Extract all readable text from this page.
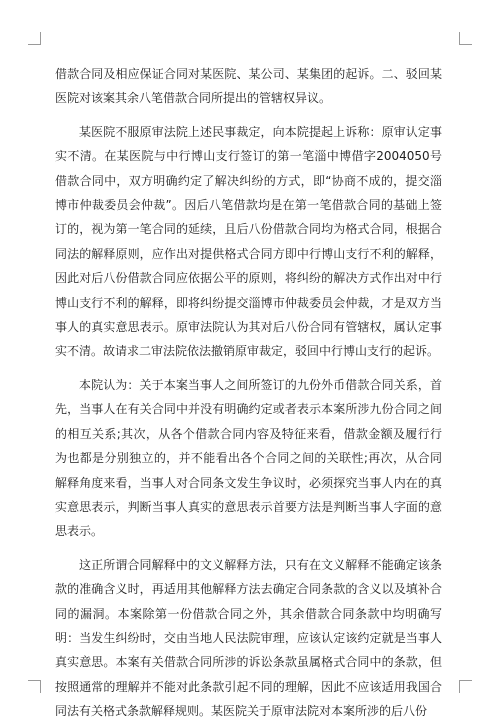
借款合同及相应保证合同对某医院、某公司、某集团的起诉。二、驳回某医院对该案其余八笔借款合同所提出的管辖权异议。

某医院不服原审法院上述民事裁定，向本院提起上诉称：原审认定事实不清。在某医院与中行博山支行签订的第一笔淄中博借字2004050号借款合同中，双方明确约定了解决纠纷的方式，即“协商不成的，提交淄博市仲裁委员会仲裁”。因后八笔借款均是在第一笔借款合同的基础上签订的，视为第一笔合同的延续，且后八份借款合同均为格式合同，根据合同法的解释原则，应作出对提供格式合同方即中行博山支行不利的解释，因此对后八份借款合同应依据公平的原则，将纠纷的解决方式作出对中行博山支行不利的解释，即将纠纷提交淄博市仲裁委员会仲裁，才是双方当事人的真实意思表示。原审法院认为其对后八份合同有管辖权，属认定事实不清。故请求二审法院依法撤销原审裁定，驳回中行博山支行的起诉。

本院认为：关于本案当事人之间所签订的九份外币借款合同关系，首先，当事人在有关合同中并没有明确约定或者表示本案所涉九份合同之间的相互关系;其次，从各个借款合同内容及特征来看，借款金额及履行行为也都是分别独立的，并不能看出各个合同之间的关联性;再次，从合同解释角度来看，当事人对合同条文发生争议时，必须探究当事人内在的真实意思表示，判断当事人真实的意思表示首要方法是判断当事人字面的意思表示。

这正所谓合同解释中的文义解释方法，只有在文义解释不能确定该条款的准确含义时，再适用其他解释方法去确定合同条款的含义以及填补合同的漏洞。本案除第一份借款合同之外，其余借款合同条款中均明确写明：当发生纠纷时，交由当地人民法院审理，应该认定该约定就是当事人真实意思。本案有关借款合同所涉的诉讼条款虽属格式合同中的条款，但按照通常的理解并不能对此条款引起不同的理解，因此不应该适用我国合同法有关格式条款解释规则。某医院关于原审法院对本案所涉的后八份
